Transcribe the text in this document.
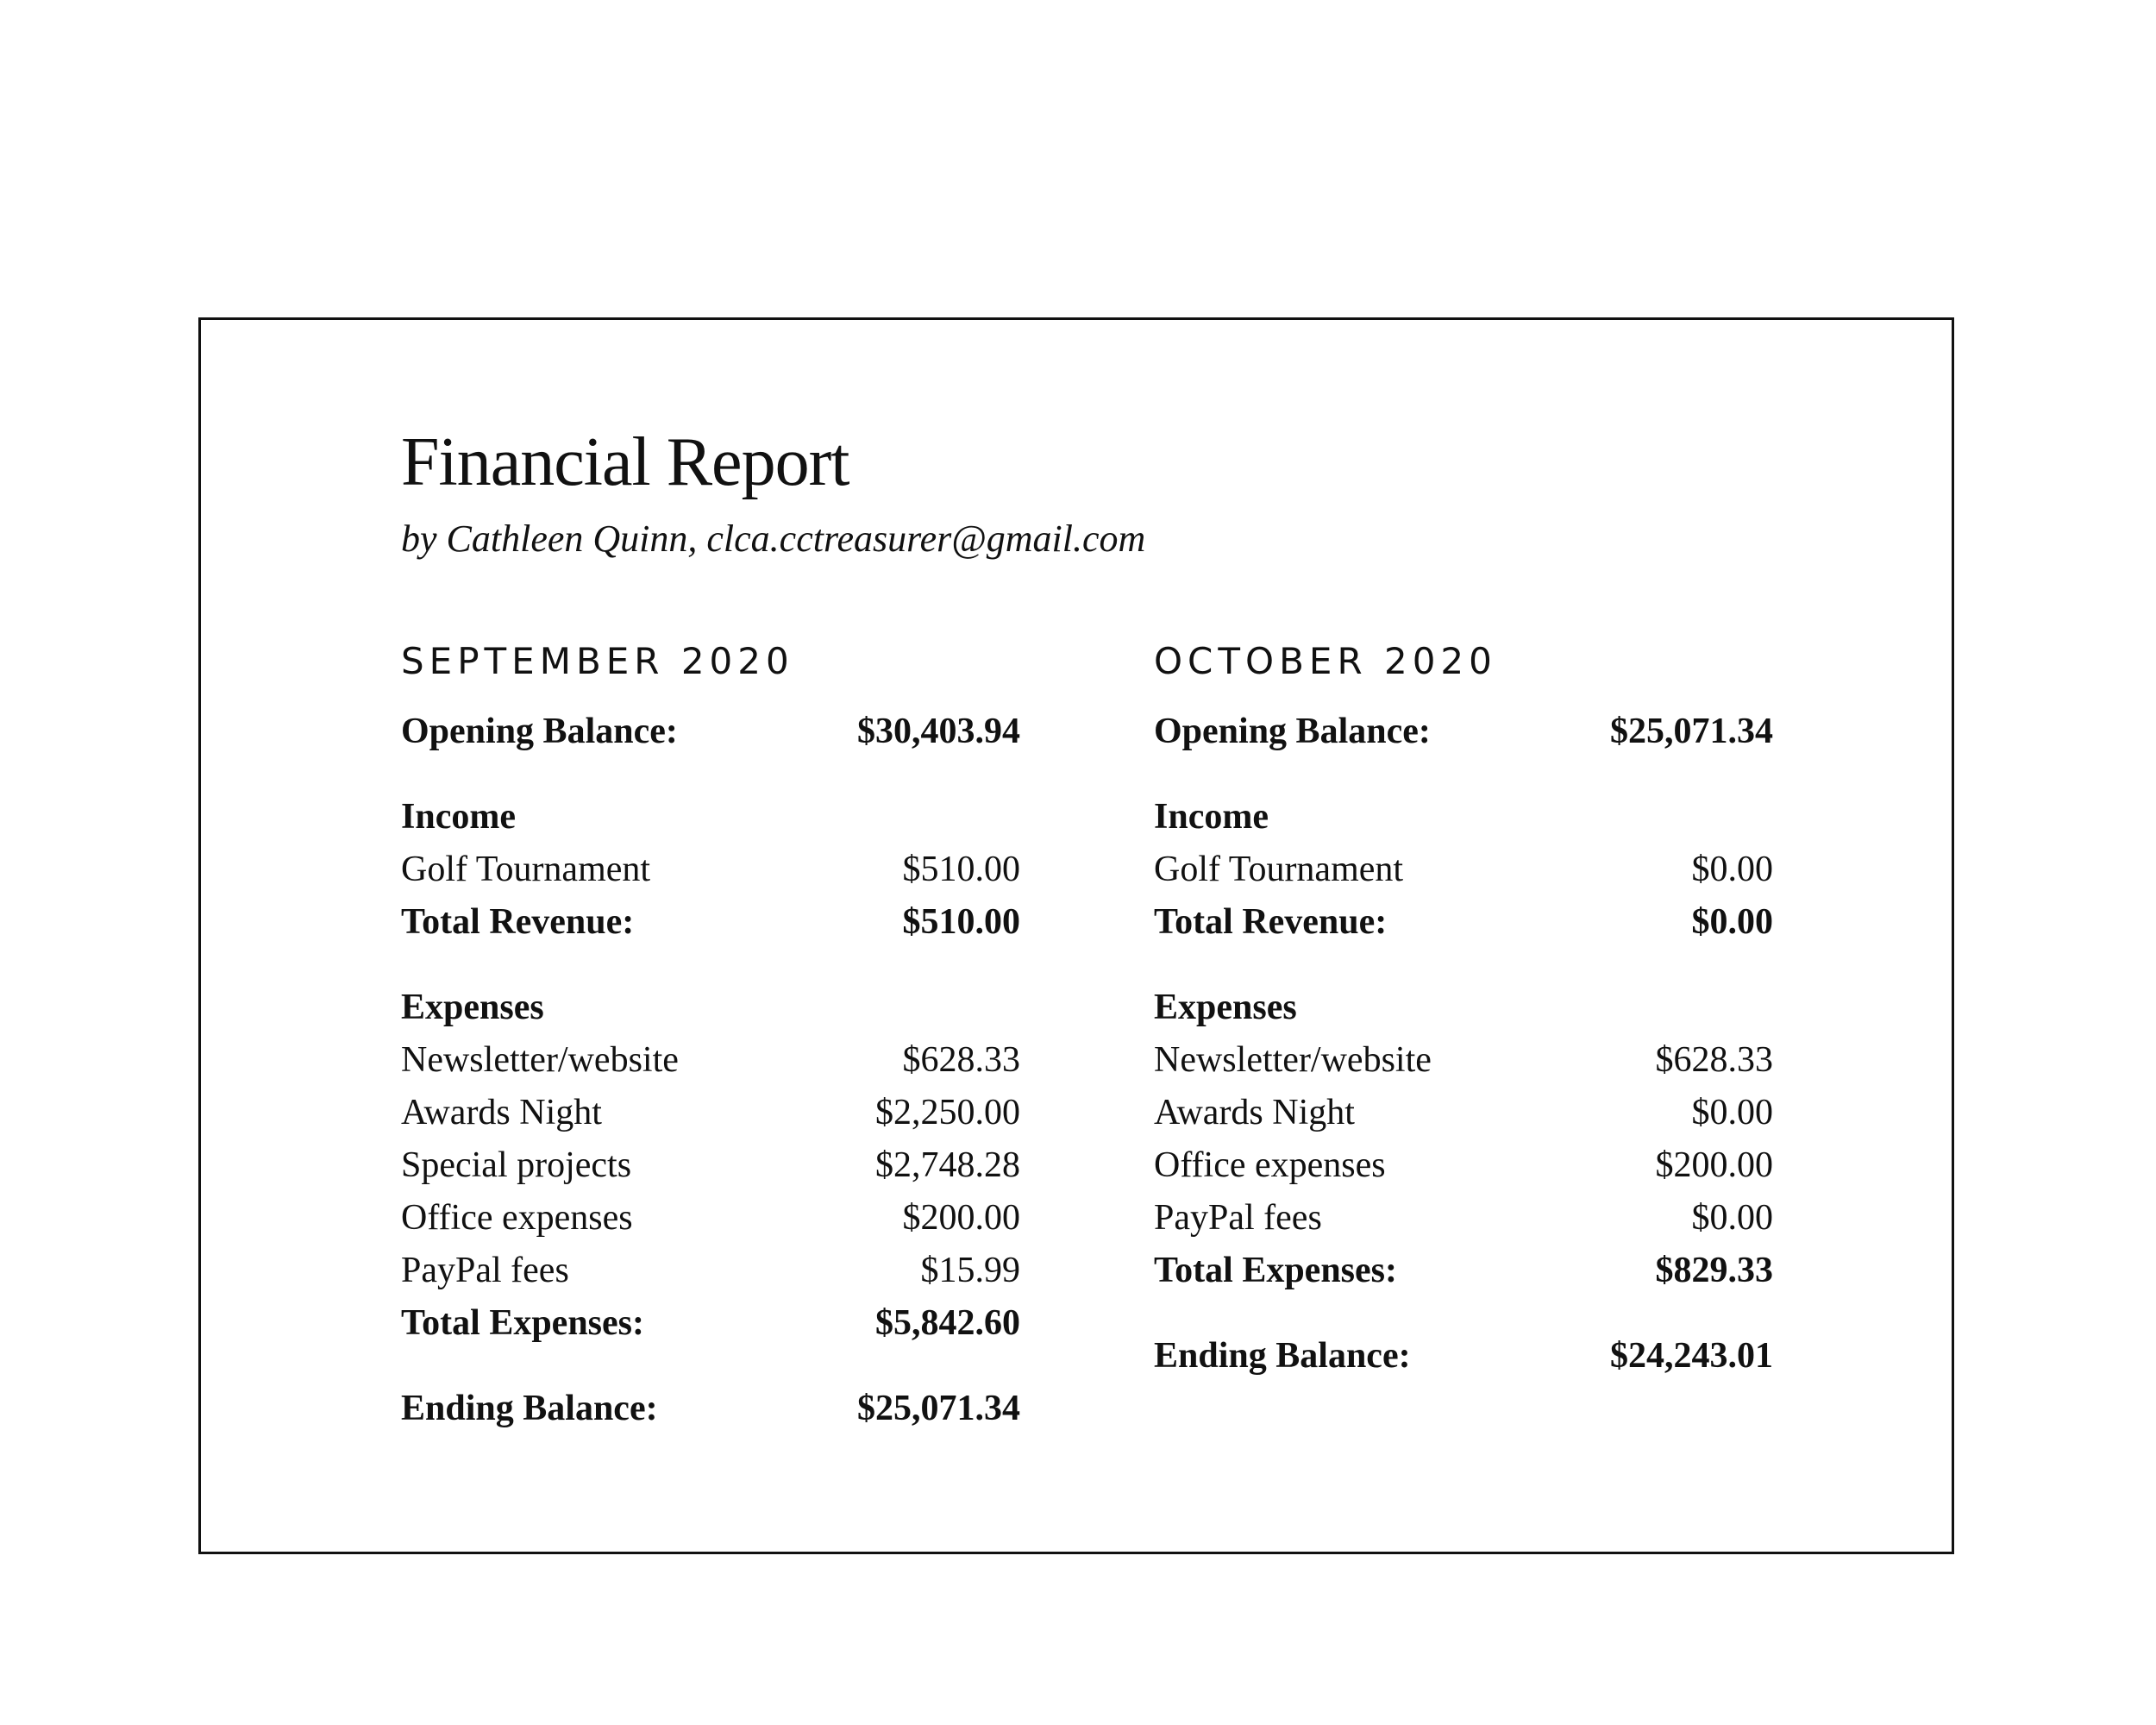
Financial Report
by Cathleen Quinn, clca.cctreasurer@gmail.com
SEPTEMBER 2020
Opening Balance:	$30,403.94
Income
Golf Tournament	$510.00
Total Revenue:	$510.00
Expenses
Newsletter/website	$628.33
Awards Night	$2,250.00
Special projects	$2,748.28
Office expenses	$200.00
PayPal fees	$15.99
Total Expenses:	$5,842.60
Ending Balance:	$25,071.34
OCTOBER 2020
Opening Balance:	$25,071.34
Income
Golf Tournament	$0.00
Total Revenue:	$0.00
Expenses
Newsletter/website	$628.33
Awards Night	$0.00
Office expenses	$200.00
PayPal fees	$0.00
Total Expenses:	$829.33
Ending Balance:	$24,243.01
